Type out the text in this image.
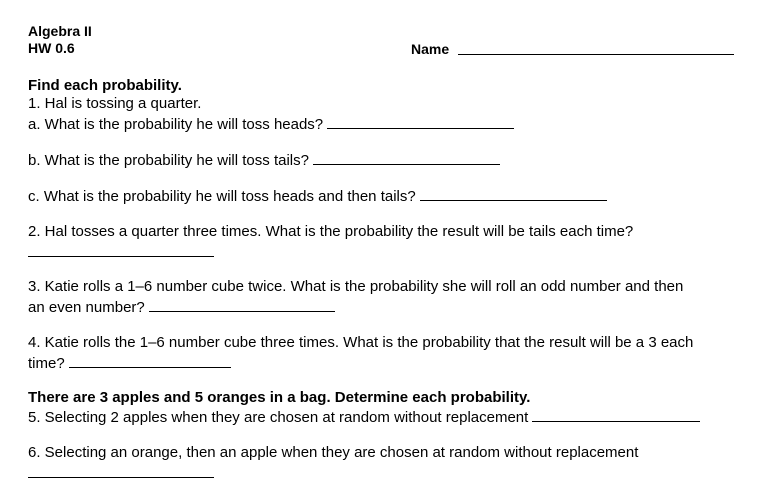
Algebra II
HW 0.6	Name
Find each probability.
1. Hal is tossing a quarter.
a. What is the probability he will toss heads?
b. What is the probability he will toss tails?
c. What is the probability he will toss heads and then tails?
2. Hal tosses a quarter three times. What is the probability the result will be tails each time?
3. Katie rolls a 1–6 number cube twice. What is the probability she will roll an odd number and then
an even number?
4. Katie rolls the 1–6 number cube three times. What is the probability that the result will be a 3 each
time?
There are 3 apples and 5 oranges in a bag. Determine each probability.
5. Selecting 2 apples when they are chosen at random without replacement
6. Selecting an orange, then an apple when they are chosen at random without replacement
